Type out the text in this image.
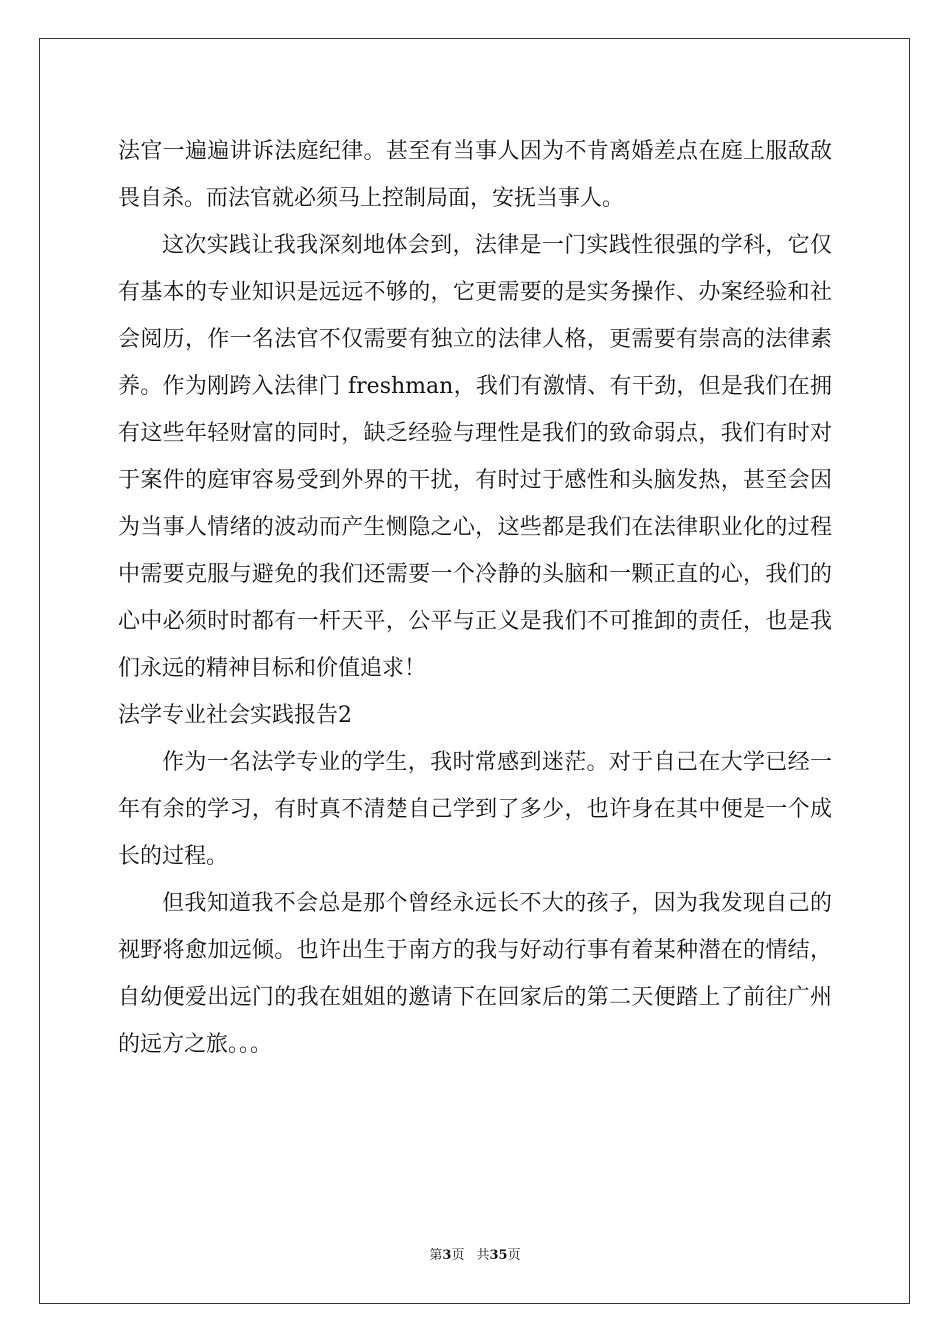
法官一遍遍讲诉法庭纪律。甚至有当事人因为不肯离婚差点在庭上服敌敌畏自杀。而法官就必须马上控制局面，安抚当事人。

这次实践让我我深刻地体会到，法律是一门实践性很强的学科，它仅有基本的专业知识是远远不够的，它更需要的是实务操作、办案经验和社会阅历，作一名法官不仅需要有独立的法律人格，更需要有崇高的法律素养。作为刚跨入法律门 freshman，我们有激情、有干劲，但是我们在拥有这些年轻财富的同时，缺乏经验与理性是我们的致命弱点，我们有时对于案件的庭审容易受到外界的干扰，有时过于感性和头脑发热，甚至会因为当事人情绪的波动而产生恻隐之心，这些都是我们在法律职业化的过程中需要克服与避免的我们还需要一个冷静的头脑和一颗正直的心，我们的心中必须时时都有一杆天平，公平与正义是我们不可推卸的责任，也是我们永远的精神目标和价值追求！

法学专业社会实践报告2

作为一名法学专业的学生，我时常感到迷茫。对于自己在大学已经一年有余的学习，有时真不清楚自己学到了多少，也许身在其中便是一个成长的过程。

但我知道我不会总是那个曾经永远长不大的孩子，因为我发现自己的视野将愈加远倾。也许出生于南方的我与好动行事有着某种潜在的情结，自幼便爱出远门的我在姐姐的邀请下在回家后的第二天便踏上了前往广州的远方之旅。。。

第3页 共35页
